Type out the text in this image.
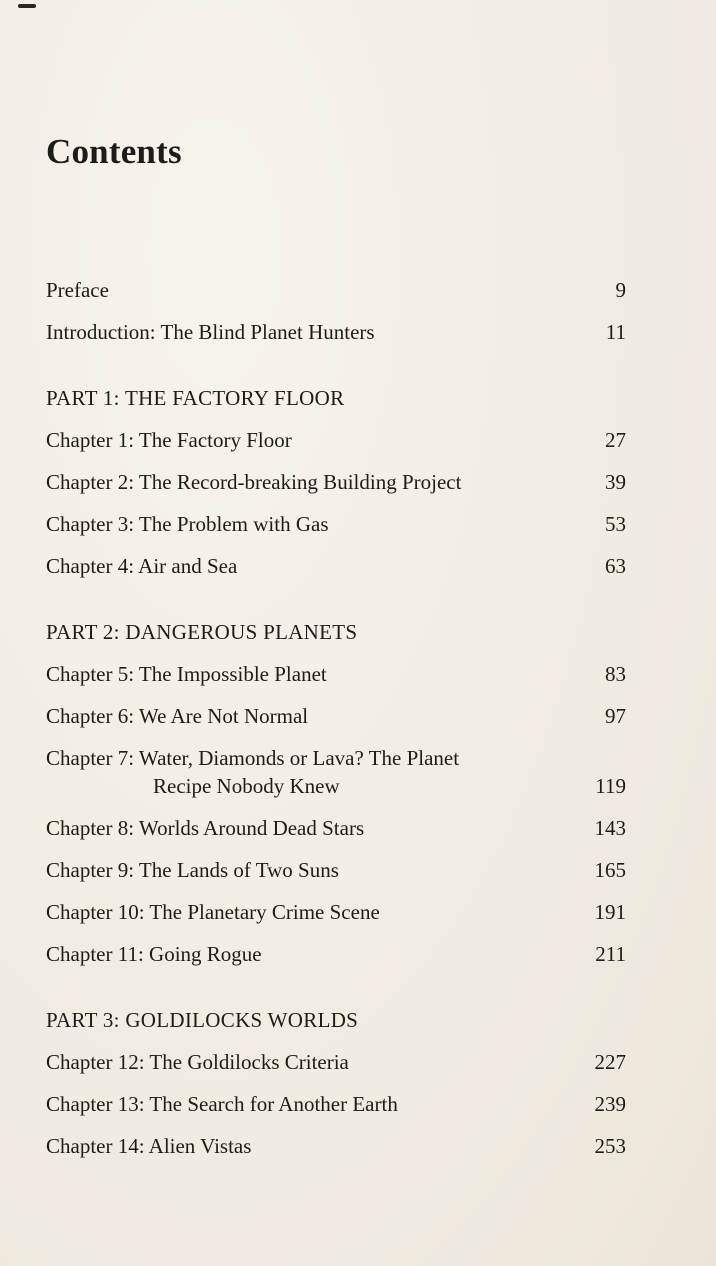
Contents
Preface	9
Introduction: The Blind Planet Hunters	11
PART 1: THE FACTORY FLOOR
Chapter 1: The Factory Floor	27
Chapter 2: The Record-breaking Building Project	39
Chapter 3: The Problem with Gas	53
Chapter 4: Air and Sea	63
PART 2: DANGEROUS PLANETS
Chapter 5: The Impossible Planet	83
Chapter 6: We Are Not Normal	97
Chapter 7: Water, Diamonds or Lava? The Planet
Recipe Nobody Knew	119
Chapter 8: Worlds Around Dead Stars	143
Chapter 9: The Lands of Two Suns	165
Chapter 10: The Planetary Crime Scene	191
Chapter 11: Going Rogue	211
PART 3: GOLDILOCKS WORLDS
Chapter 12: The Goldilocks Criteria	227
Chapter 13: The Search for Another Earth	239
Chapter 14: Alien Vistas	253
